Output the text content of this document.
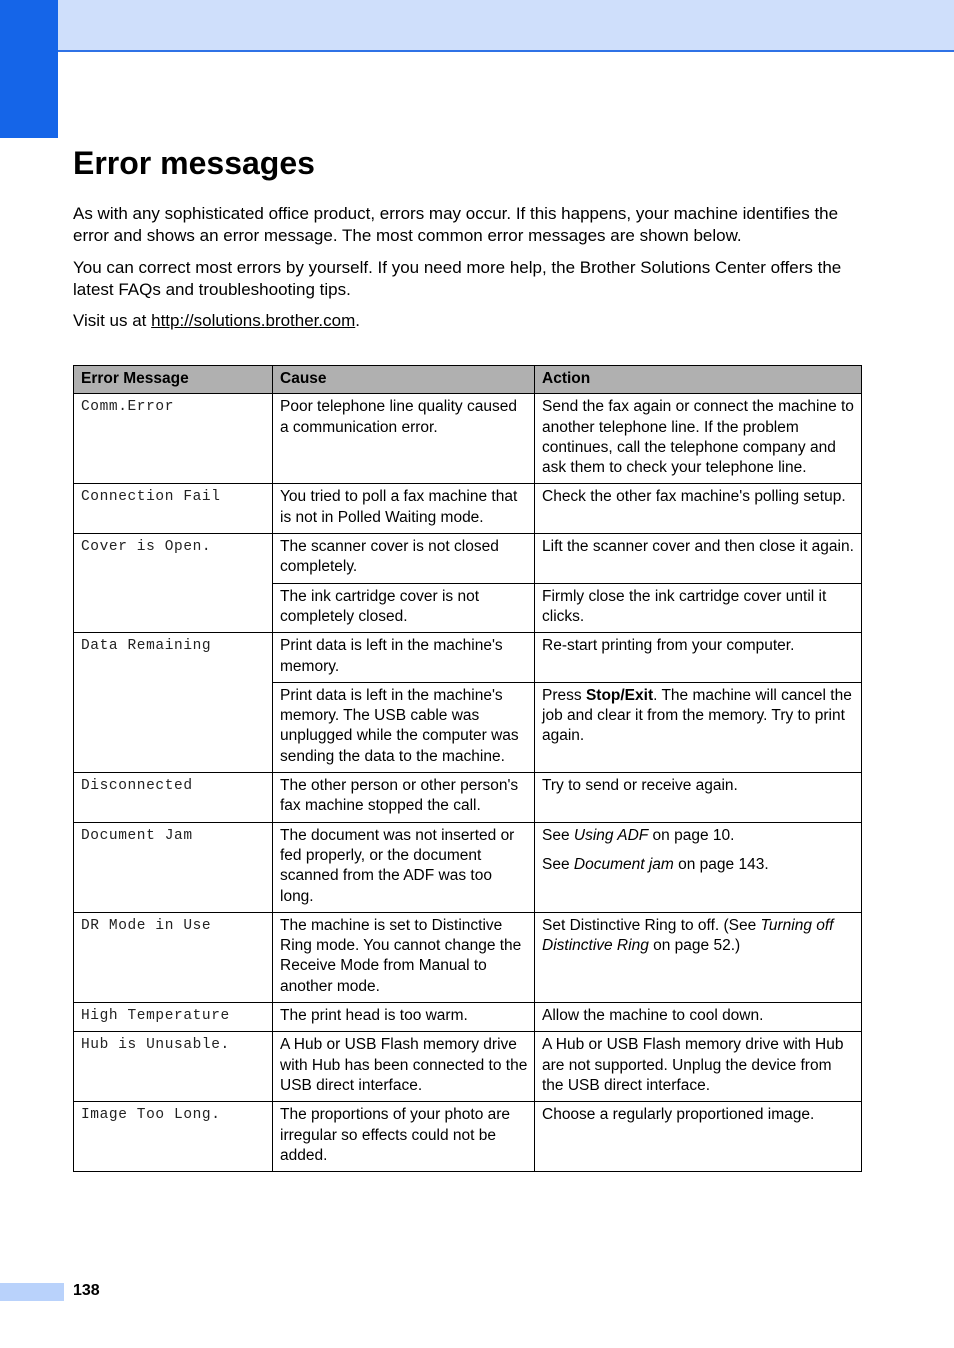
Error messages

As with any sophisticated office product, errors may occur. If this happens, your machine identifies the error and shows an error message. The most common error messages are shown below.

You can correct most errors by yourself. If you need more help, the Brother Solutions Center offers the latest FAQs and troubleshooting tips.

Visit us at http://solutions.brother.com.

Error Message	Cause	Action
Comm.Error	Poor telephone line quality caused a communication error.	Send the fax again or connect the machine to another telephone line. If the problem continues, call the telephone company and ask them to check your telephone line.

Connection Fail	You tried to poll a fax machine that is not in Polled Waiting mode.	Check the other fax machine's polling setup.

Cover is Open.	The scanner cover is not closed completely.	Lift the scanner cover and then close it again.

	The ink cartridge cover is not completely closed.	Firmly close the ink cartridge cover until it clicks.

Data Remaining	Print data is left in the machine's memory.	Re-start printing from your computer.

	Print data is left in the machine's memory. The USB cable was unplugged while the computer was sending the data to the machine.	Press Stop/Exit. The machine will cancel the job and clear it from the memory. Try to print again.

Disconnected	The other person or other person's fax machine stopped the call.	Try to send or receive again.

Document Jam	The document was not inserted or fed properly, or the document scanned from the ADF was too long.	See Using ADF on page 10.
See Document jam on page 143.

DR Mode in Use	The machine is set to Distinctive Ring mode. You cannot change the Receive Mode from Manual to another mode.	Set Distinctive Ring to off. (See Turning off Distinctive Ring on page 52.)

High Temperature	The print head is too warm.	Allow the machine to cool down.

Hub is Unusable.	A Hub or USB Flash memory drive with Hub has been connected to the USB direct interface.	A Hub or USB Flash memory drive with Hub are not supported. Unplug the device from the USB direct interface.

Image Too Long.	The proportions of your photo are irregular so effects could not be added.	Choose a regularly proportioned image.
138
